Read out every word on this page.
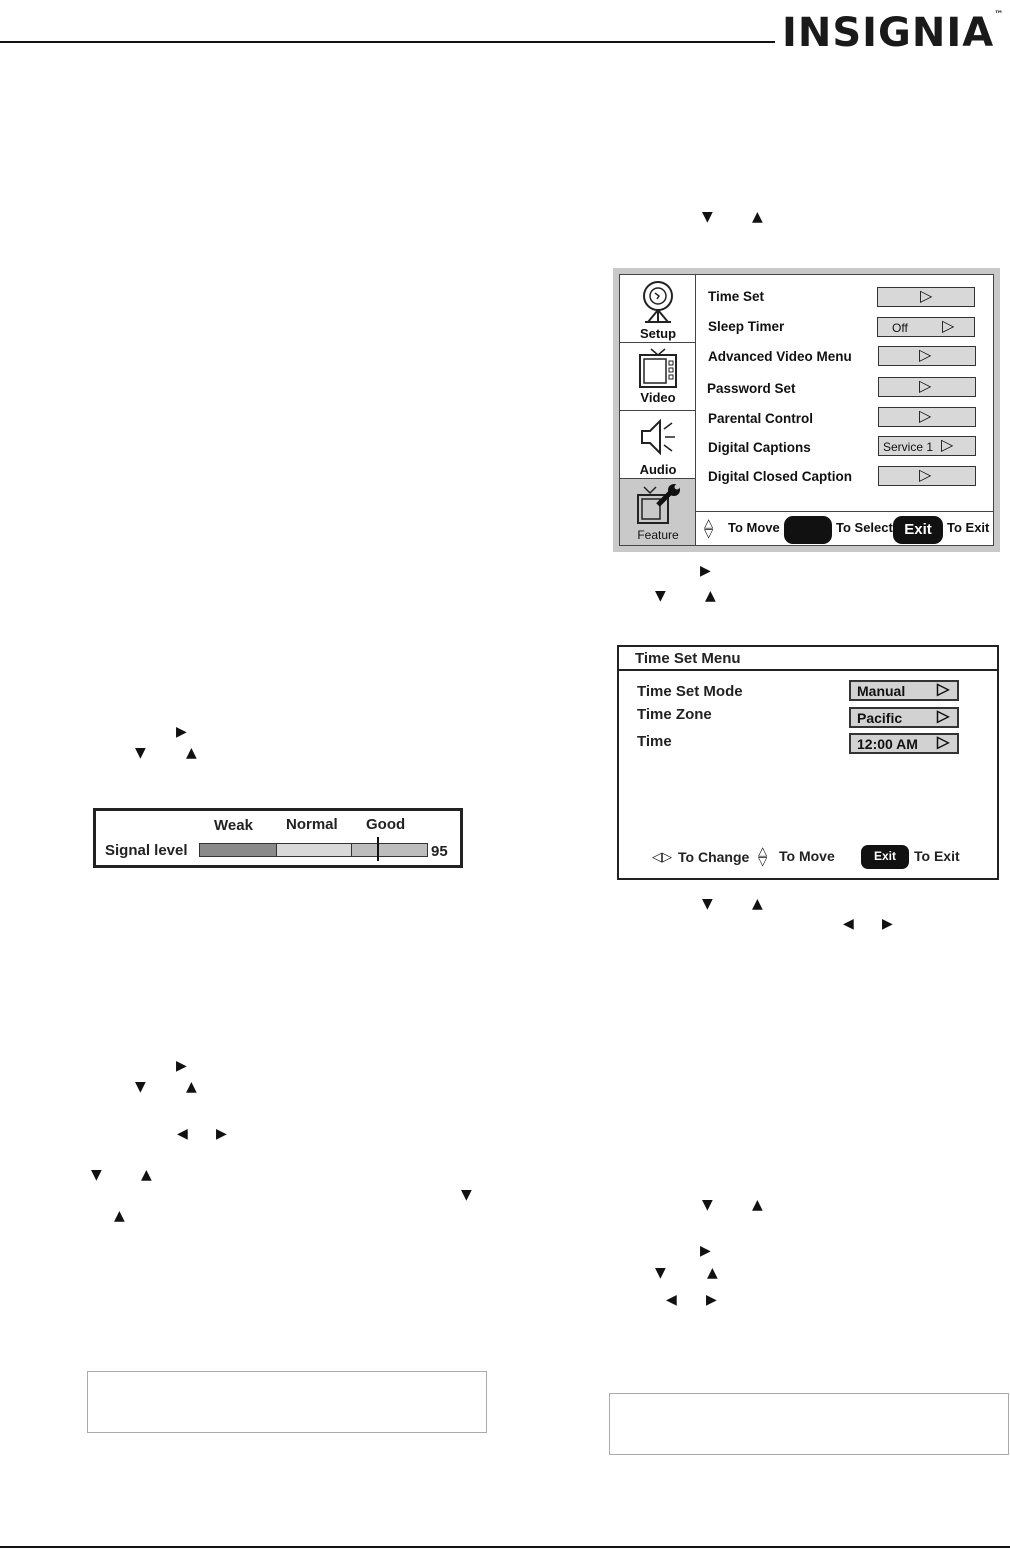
INSIGNIA™
▼	▲
▶
▼	▲
▼	▲
◀ ▶
▼	▲
▶
▼	▲
◀ ▶
▶
▼	▲
▶
▼	▲
◀ ▶
▼	▲
▼
▲
Weak Normal Good
Signal level	95
Setup
Video
Audio
Feature
Time Set	▷
Sleep Timer	Off ▷
Advanced Video Menu	▷
Password Set	▷
Parental Control	▷
Digital Captions	Service 1 ▷
Digital Closed Caption	▷
△
▽ To Move	To Select Exit	To Exit
Time Set Menu
Time Set Mode	Manual ▷
Time Zone	Pacific ▷
Time	12:00 AM ▷
◁▷ To Change △
▽ To Move	Exit	To Exit
